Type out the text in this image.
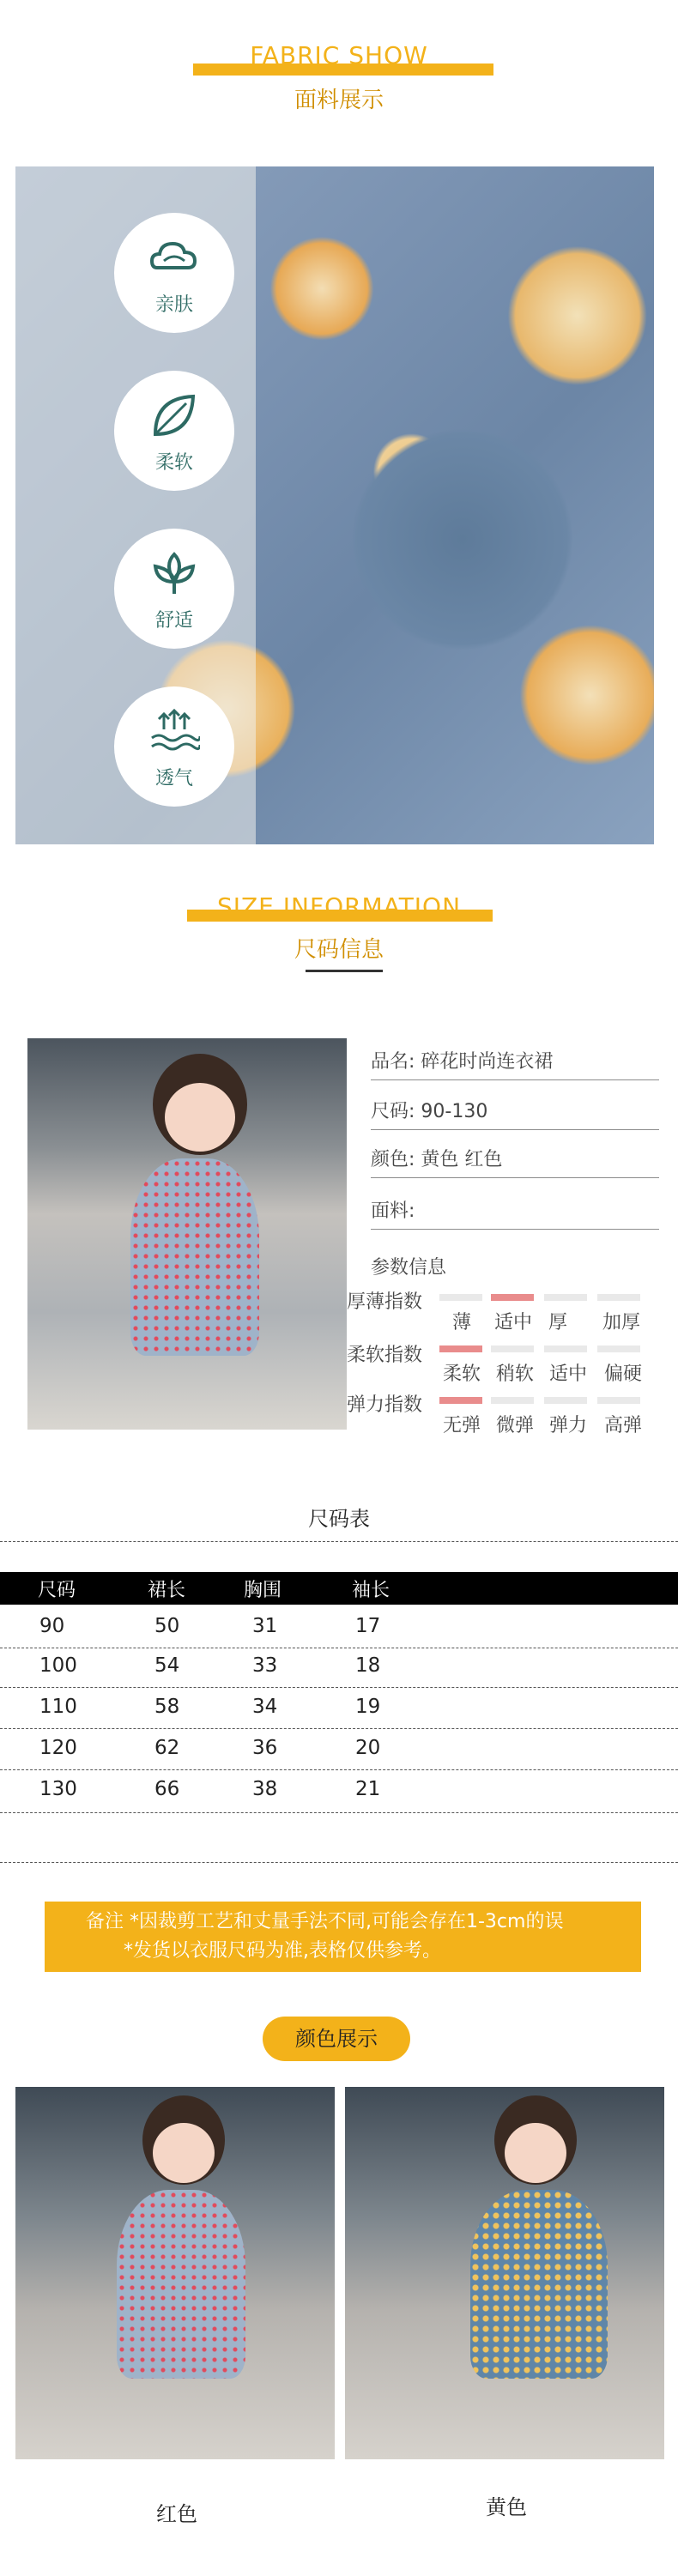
FABRIC SHOW
面料展示
亲肤
柔软
舒适
透气
SIZE INFORMATION
尺码信息
品名: 碎花时尚连衣裙
尺码: 90-130
颜色: 黄色 红色
面料:
参数信息
厚薄指数
薄	适中 厚	加厚
柔软指数
柔软 稍软 适中 偏硬
弹力指数
无弹 微弹 弹力 高弹
尺码表
尺码	裙长	胸围	袖长
90	50	31	17
100	54	33	18
110	58	34	19
120	62	36	20
130	66	38	21
备注 *因裁剪工艺和丈量手法不同,可能会存在1-3cm的误
*发货以衣服尺码为准,表格仅供参考。
颜色展示
红色	黄色
